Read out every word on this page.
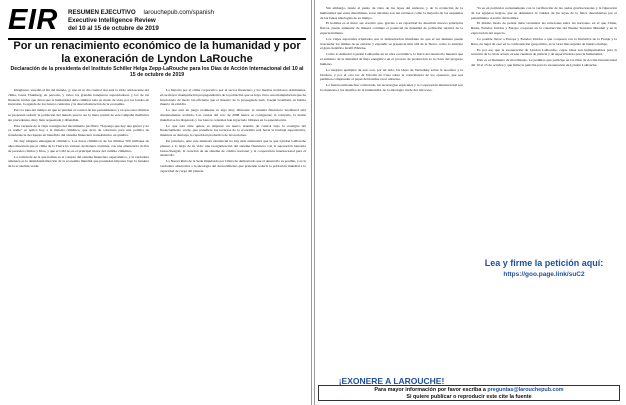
EIR RESUMEN EJECUTIVO larouchepub.com/spanish
Executive Intelligence Review
del 10 al 15 de octubre de 2019
Por un renacimiento económico de la humanidad y por la exoneración de Lyndon LaRouche
Declaración de la presidenta del Instituto Schiller Helga Zepp-LaRouche para los Días de Acción Internacional del 10 al 15 de octubre de 2019

Imagínese: sucedió el fin del mundo, ¡y uno ni se dio cuenta! Así está la idolo adolescente del clima, Greta Thunberg, en persona, y todos los grandes banqueros especuladores y los de las finanzas verdes que dicen que la humanidad debe cambiar todo su modo de vida, por los fondos de inversión, la agenda de los bancos centrales y la descarbonización de la economía.

Pero la idea del tiempo en que se pierden el control de sus pensamientos y en que estos últimos se proponen reducir la población del mundo parece ser la meta central de esta campaña mediática sin precedentes, muy bien orquestada y difundida.

Esta variante de la vieja consigna del movimiento pacifista: "Suponga que hay una guerra y no va nadie" se aplica hoy a la histeria climática, que sirve de cobertura para una política de transferencia de riqueza en beneficio del sistema financiero transatlántico en quiebra.

No hay ninguna emergencia climática. Los datos climáticos de los últimos 500 millones de años muestran que el clima de la Tierra ha variado de manera continua, con una alternancia cíclica de periodos cálidos y fríos, y que el CO2 no es el principal motor del cambio climático.

La catástrofe de la que hablan es el colapso del sistema financiero especulativo, y la verdadera amenaza es la desindustrialización de la economía mundial que pretenden imponer bajo la bandera de la economía verde.

La historia por el clima corporativo por el sector financiero y los medios noticiosos dominantes, en su mayor manipulación propagandística de la población que se haya visto, una manipulación que ha funcionado de modo tan eficiente que el maestro de la propaganda nazi, Joseph Goebbels, se habría muerto de envidia.

Lo que está en juego realmente es algo muy diferente: el sistema financiero neoliberal está absolutamente acabado. Las causas del crac de 2008 nunca se corrigieron; al contrario, la deuda mundial se ha disparado y los bancos centrales han inyectado billones en la especulación.

Lo que esta élite quiere es imponer un nuevo sistema de control bajo la consigna del financiamiento verde, que transfiere los recursos de la economía real hacia la burbuja especulativa, mientras se destruye la capacidad productiva de las naciones.

En principio, ante esta amenaza existencial no hay más alternativa que la que Lyndon LaRouche planteó a lo largo de su vida: una reorganización del sistema financiero con la separación bancaria Glass-Steagall, la creación de un sistema de crédito nacional y la cooperación internacional para el desarrollo.

La Nueva Ruta de la Seda impulsada por China ha demostrado que el desarrollo es posible, y es la verdadera alternativa a la ideología del decrecimiento que pretende reducir la población mundial a la capacidad de carga del planeta.

Sin embargo, desde el punto de vista de las leyes del universo y de la evolución de la humanidad que estas determinan, estos axiomas son tan erróneos como la mayoría de los esquemas de las falsas ideologías de su tiempo.

El hombre es el único ser creativo que, gracias a su capacidad de descubrir nuevos principios físicos, puede aumentar de manera continua el potencial de densidad de población relativa de la especie humana.

Los viajes espaciales tripulados son la demostración triunfante de que el ser humano puede trascender los límites de su entorno y expandir su presencia más allá de la Tierra, como lo anticipó el gran científico Krafft Ehricke.

Como lo demostró Lyndon LaRouche en su obra económica, la física del desarrollo muestra que el aumento de la densidad de flujo energético en el proceso de producción es la clave del progreso humano.

Lo mejores ejemplos de esto son, por un lado, las ideas de Vernadsky sobre la noosfera y la biosfera, y por el otro las de Nicolás de Cusa sobre la coincidencia de los opuestos, que nos permiten comprender el papel del hombre en el universo.

La fusión termonuclear controlada, las tecnologías espaciales y la cooperación internacional son la respuesta a los desafíos de la humanidad, no la ideología verde del retroceso.

Ya es en particular recientemente con la verificación de las ondas gravitacionales y la figuración de los agujeros negros, que se demuestra la validez de las leyes de la física descubiertas por el pensamiento creativo del hombre.

El mismo modo de pensar debe reorientar las relaciones entre las naciones, en el que China, Rusia, Estados Unidos y Europa cooperen en la construcción del Puente Terrestre Mundial y en la exploración del espacio.

Lo posible llevar a Europa y Estados Unidos a que cooperen con la Iniciativa de la Franja y la Ruta, en lugar de caer en la confrontación geopolítica, es la tarea más urgente de nuestro tiempo.

Es por eso que la exoneración de Lyndon LaRouche, cuyas ideas son indispensables para la solución de la crisis actual, es una cuestión de justicia y de supervivencia para la humanidad.

Este es el momento de movilizarse. Le pedimos que participe en los Días de Acción Internacional del 10 al 15 de octubre y que firme la petición para la exoneración de Lyndon LaRouche.

¡EXONERE A LAROUCHE!
Lea y firme la petición aquí:
https://goo.page.link/suC2
Para mayor información por favor escriba a preguntas@larouchepub.com
Si quiere publicar o reproducir este cite la fuente
